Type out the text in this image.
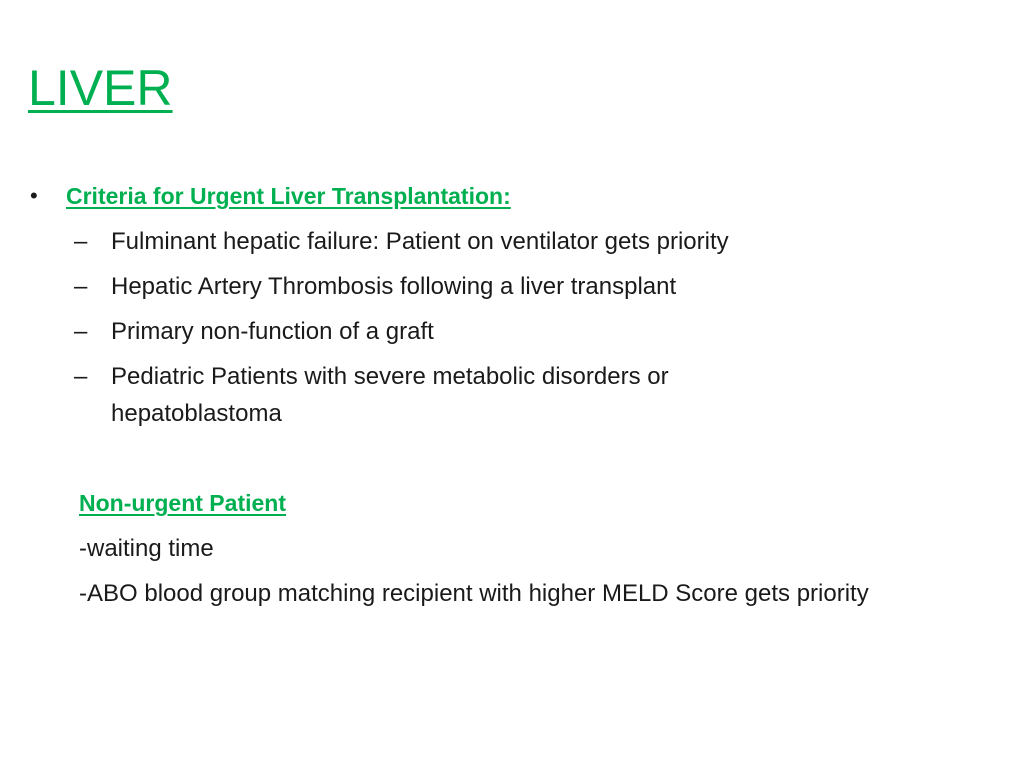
LIVER
• Criteria for Urgent Liver Transplantation:
– Fulminant hepatic failure: Patient on ventilator gets priority
– Hepatic Artery Thrombosis following a liver transplant
– Primary non-function of a graft
– Pediatric Patients with severe metabolic disorders or hepatoblastoma
Non-urgent Patient
-waiting time
-ABO blood group matching recipient with higher MELD Score gets priority
